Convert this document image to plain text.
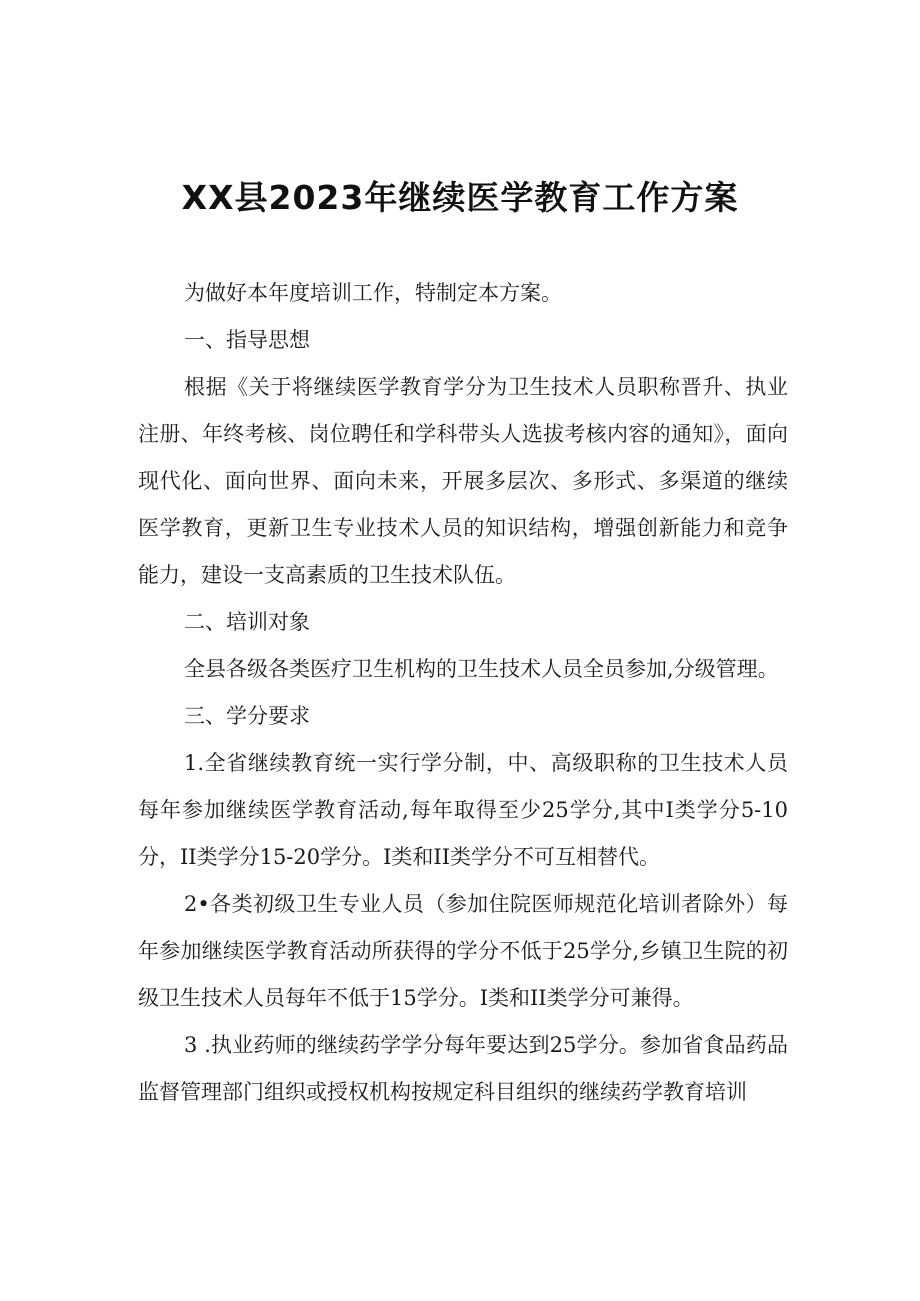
XX县2023年继续医学教育工作方案

为做好本年度培训工作，特制定本方案。

一、指导思想

根据《关于将继续医学教育学分为卫生技术人员职称晋升、执业注册、年终考核、岗位聘任和学科带头人选拔考核内容的通知》，面向现代化、面向世界、面向未来，开展多层次、多形式、多渠道的继续医学教育，更新卫生专业技术人员的知识结构，增强创新能力和竞争能力，建设一支高素质的卫生技术队伍。

二、培训对象

全县各级各类医疗卫生机构的卫生技术人员全员参加,分级管理。

三、学分要求

1.全省继续教育统一实行学分制，中、高级职称的卫生技术人员每年参加继续医学教育活动,每年取得至少25学分,其中I类学分5-10分，II类学分15-20学分。I类和II类学分不可互相替代。

2•各类初级卫生专业人员（参加住院医师规范化培训者除外）每年参加继续医学教育活动所获得的学分不低于25学分,乡镇卫生院的初级卫生技术人员每年不低于15学分。I类和II类学分可兼得。

3 .执业药师的继续药学学分每年要达到25学分。参加省食品药品监督管理部门组织或授权机构按规定科目组织的继续药学教育培训
